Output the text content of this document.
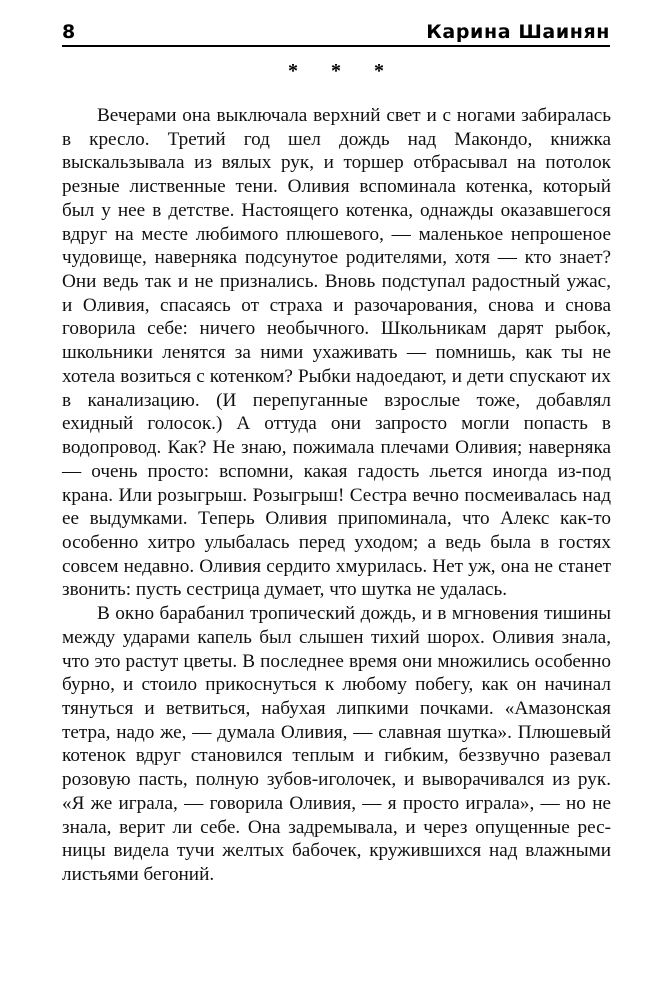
8	Карина Шаинян
* * *

Вечерами она выключала верхний свет и с ногами забиралась в кресло. Третий год шел дождь над Макондо, книжка выскальзывала из вялых рук, и торшер отбрасывал на потолок резные лиственные тени. Оливия вспоминала котенка, который был у нее в детстве. Настоящего котенка, однажды оказавшегося вдруг на месте любимого плюшевого, — маленькое непрошеное чудовище, наверняка подсунутое родителями, хотя — кто знает? Они ведь так и не признались. Вновь подступал радостный ужас, и Оливия, спасаясь от страха и разочарования, снова и снова говорила себе: ничего необычного. Школьникам дарят рыбок, школьники ленятся за ними ухаживать — помнишь, как ты не хотела возиться с котенком? Рыбки надоедают, и дети спускают их в канализацию. (И перепуганные взрослые тоже, добавлял ехидный голосок.) А оттуда они запросто могли попасть в водопровод. Как? Не знаю, пожимала плечами Оливия; наверняка — очень просто: вспомни, какая гадость льется иногда из-под крана. Или розыгрыш. Розыгрыш! Сестра вечно посмеивалась над ее выдумками. Теперь Оливия припоминала, что Алекс как-то особенно хитро улыбалась перед уходом; а ведь была в гостях совсем недавно. Оливия сердито хмурилась. Нет уж, она не станет звонить: пусть сестрица думает, что шутка не удалась.

В окно барабанил тропический дождь, и в мгновения тишины между ударами капель был слышен тихий шорох. Оливия знала, что это растут цветы. В последнее время они множились особенно бурно, и стоило прикоснуться к любому побегу, как он начинал тянуться и ветвиться, набухая липкими почками. «Амазонская тетра, надо же, — думала Оливия, — славная шутка». Плюшевый котенок вдруг становился теплым и гибким, беззвучно разевал розовую пасть, полную зубов-иголочек, и выворачивался из рук. «Я же играла, — говорила Оливия, — я просто играла», — но не знала, верит ли себе. Она задремывала, и через опущенные ресницы видела тучи желтых бабочек, кружившихся над влажными листьями бегоний.
